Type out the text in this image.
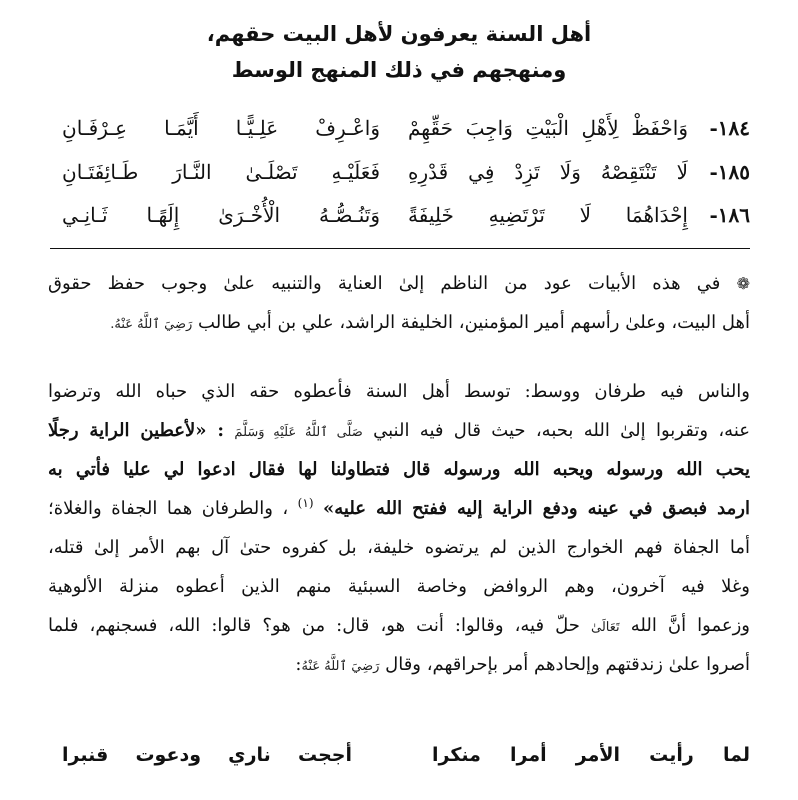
أهل السنة يعرفون لأهل البيت حقهم،
ومنهجهم في ذلك المنهج الوسط
١٨٤-
وَاحْفَظْ لِأَهْلِ الْبَيْتِ وَاجِبَ حَقِّهِمْ
وَاعْـرِفْ عَلِـيًّـا أَيَّمَـا عِـرْفَـانِ
١٨٥-
لَا تَنْتَقِصْهُ وَلَا تَزِدْ فِي قَدْرِهِ
فَعَلَيْـهِ تَصْلَـىٰ النَّـارَ طَـائِفَتَـانِ
١٨٦-
إِحْدَاهُمَا لَا تَرْتَضِيهِ خَلِيفَةً
وَتَنُـصُّـهُ الْأُخْـرَىٰ إِلَهًـا ثَـانِـي
❁ في هذه الأبيات عود من الناظم إلىٰ العناية والتنبيه علىٰ وجوب حفظ حقوق
أهل البيت، وعلىٰ رأسهم أمير المؤمنين، الخليفة الراشد، علي بن أبي طالب رَضِيَ ٱللَّهُ عَنْهُ.
والناس فيه طرفان ووسط: توسط أهل السنة فأعطوه حقه الذي حباه الله وترضوا
عنه، وتقربوا إلىٰ الله بحبه، حيث قال فيه النبي صَلَّى ٱللَّهُ عَلَيْهِ وَسَلَّمَ : «لأعطين الراية رجلًا
يحب الله ورسوله ويحبه الله ورسوله قال فتطاولنا لها فقال ادعوا لي عليا فأتي به
ارمد فبصق في عينه ودفع الراية إليه ففتح الله عليه» $^{(١)}$ ، والطرفان هما الجفاة والغلاة؛
أما الجفاة فهم الخوارج الذين لم يرتضوه خليفة، بل كفروه حتىٰ آل بهم الأمر إلىٰ قتله،
وغلا فيه آخرون، وهم الروافض وخاصة السبئية منهم الذين أعطوه منزلة الألوهية
وزعموا أنَّ الله تَعَالَىٰ حلّ فيه، وقالوا: أنت هو، قال: من هو؟ قالوا: الله، فسجنهم، فلما
أصروا علىٰ زندقتهم وإلحادهم أمر بإحراقهم، وقال رَضِيَ ٱللَّهُ عَنْهُ:
لما رأيت الأمر أمرا منكرا
أججت ناري ودعوت قنبرا
